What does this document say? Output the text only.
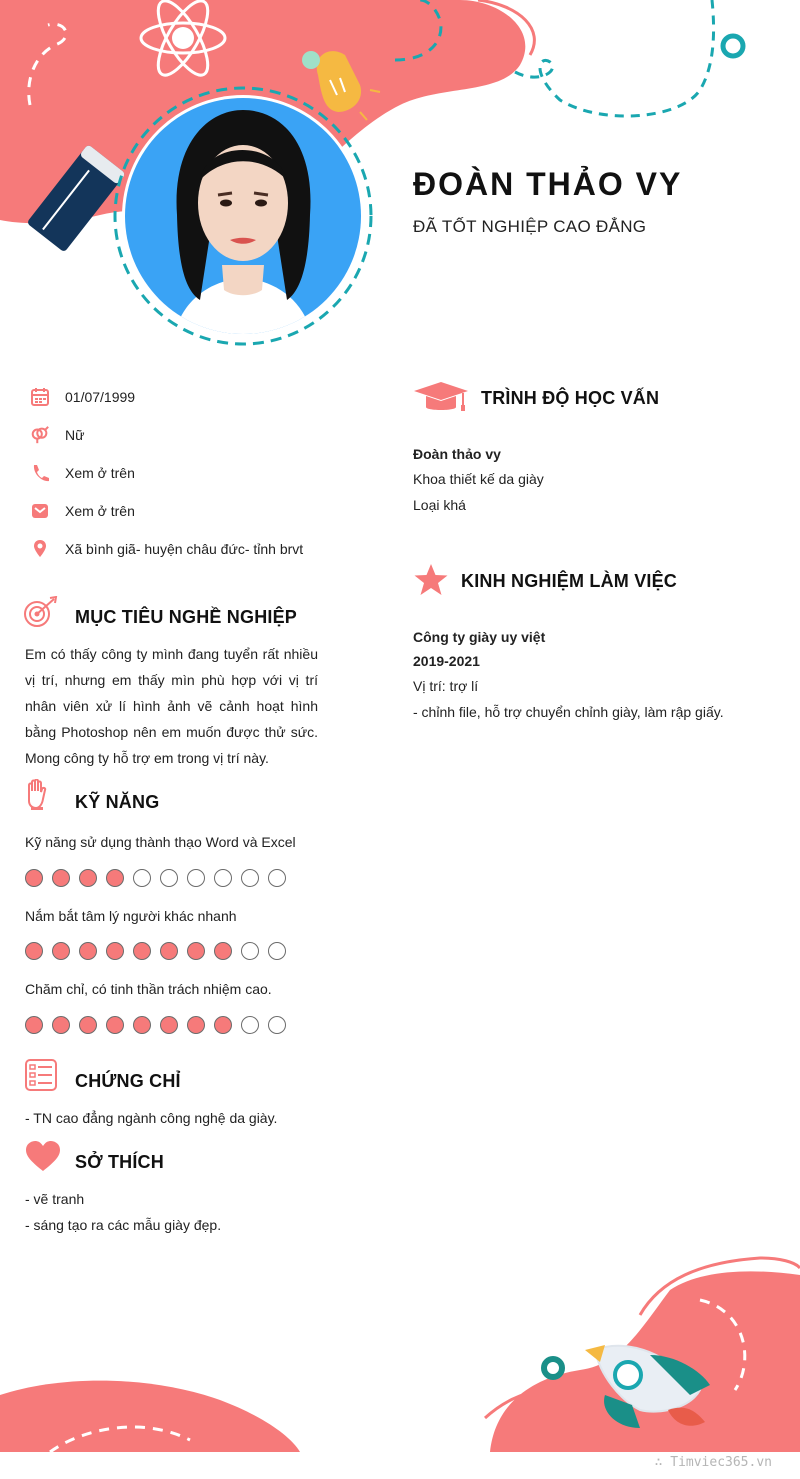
ĐOÀN THẢO VY
ĐÃ TỐT NGHIỆP CAO ĐẲNG
01/07/1999
Nữ
Xem ở trên
Xem ở trên
Xã bình giã- huyện châu đức- tỉnh brvt
MỤC TIÊU NGHỀ NGHIỆP
Em có thấy công ty mình đang tuyển rất nhiều vị trí, nhưng em thấy mìn phù hợp với vị trí nhân viên xử lí hình ảnh vẽ cảnh hoạt hình bằng Photoshop nên em muốn được thử sức. Mong công ty hỗ trợ em trong vị trí này.
KỸ NĂNG
Kỹ năng sử dụng thành thạo Word và Excel
Nắm bắt tâm lý người khác nhanh
Chăm chỉ, có tinh thần trách nhiệm cao.
CHỨNG CHỈ
- TN cao đẳng ngành công nghệ da giày.
SỞ THÍCH
- vẽ tranh
- sáng tạo ra các mẫu giày đẹp.
TRÌNH ĐỘ HỌC VẤN
Đoàn thảo vy
Khoa thiết kế da giày
Loại khá
KINH NGHIỆM LÀM VIỆC
Công ty giày uy việt
2019-2021
Vị trí: trợ lí
- chỉnh file, hỗ trợ chuyển chỉnh giày, làm rập giấy.
∴ Timviec365.vn
